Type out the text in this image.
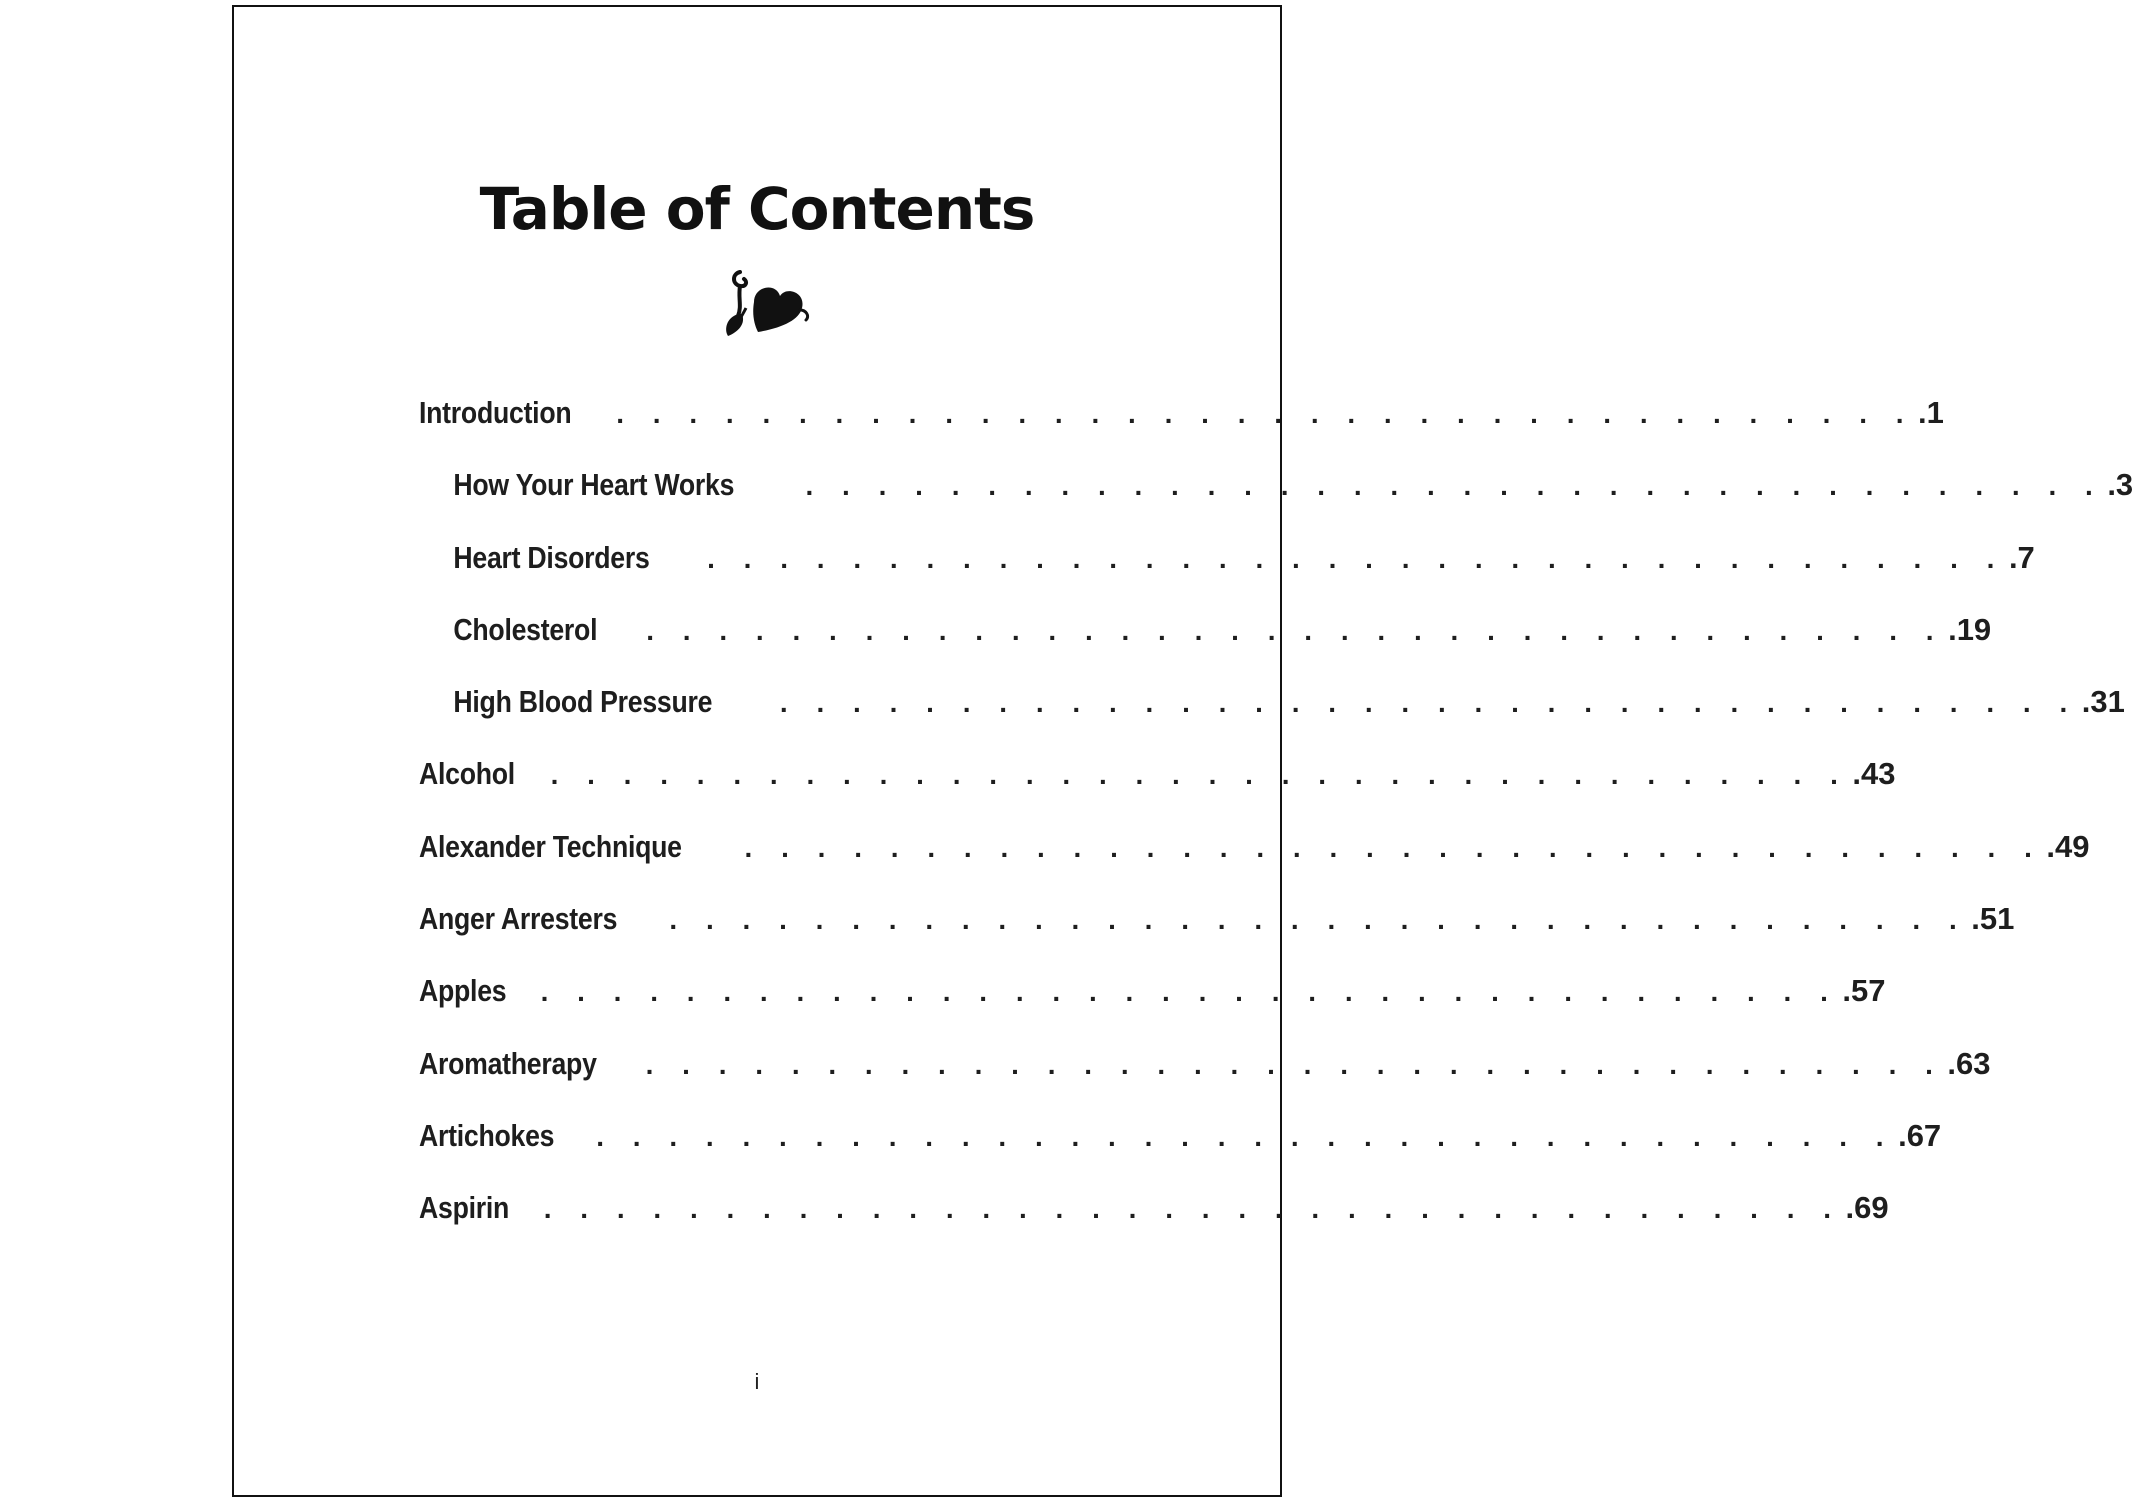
Table of Contents
Introduction . . . . . . . . . . . . . . . . . . . . . . . . . . . . . . . . . . . . .1
How Your Heart Works	. . . . . . . . . . . . . . . . . . . . . . . . . . . . . . . . . . . . .3
Heart Disorders . . . . . . . . . . . . . . . . . . . . . . . . . . . . . . . . . . . . .7
Cholesterol . . . . . . . . . . . . . . . . . . . . . . . . . . . . . . . . . . . . .19
High Blood Pressure . . . . . . . . . . . . . . . . . . . . . . . . . . . . . . . . . . . . .31
Alcohol . . . . . . . . . . . . . . . . . . . . . . . . . . . . . . . . . . . . .43
Alexander Technique . . . . . . . . . . . . . . . . . . . . . . . . . . . . . . . . . . . . .49
Anger Arresters . . . . . . . . . . . . . . . . . . . . . . . . . . . . . . . . . . . . .51
Apples . . . . . . . . . . . . . . . . . . . . . . . . . . . . . . . . . . . . .57
Aromatherapy . . . . . . . . . . . . . . . . . . . . . . . . . . . . . . . . . . . . .63
Artichokes . . . . . . . . . . . . . . . . . . . . . . . . . . . . . . . . . . . . .67
Aspirin . . . . . . . . . . . . . . . . . . . . . . . . . . . . . . . . . . . . .69
i
